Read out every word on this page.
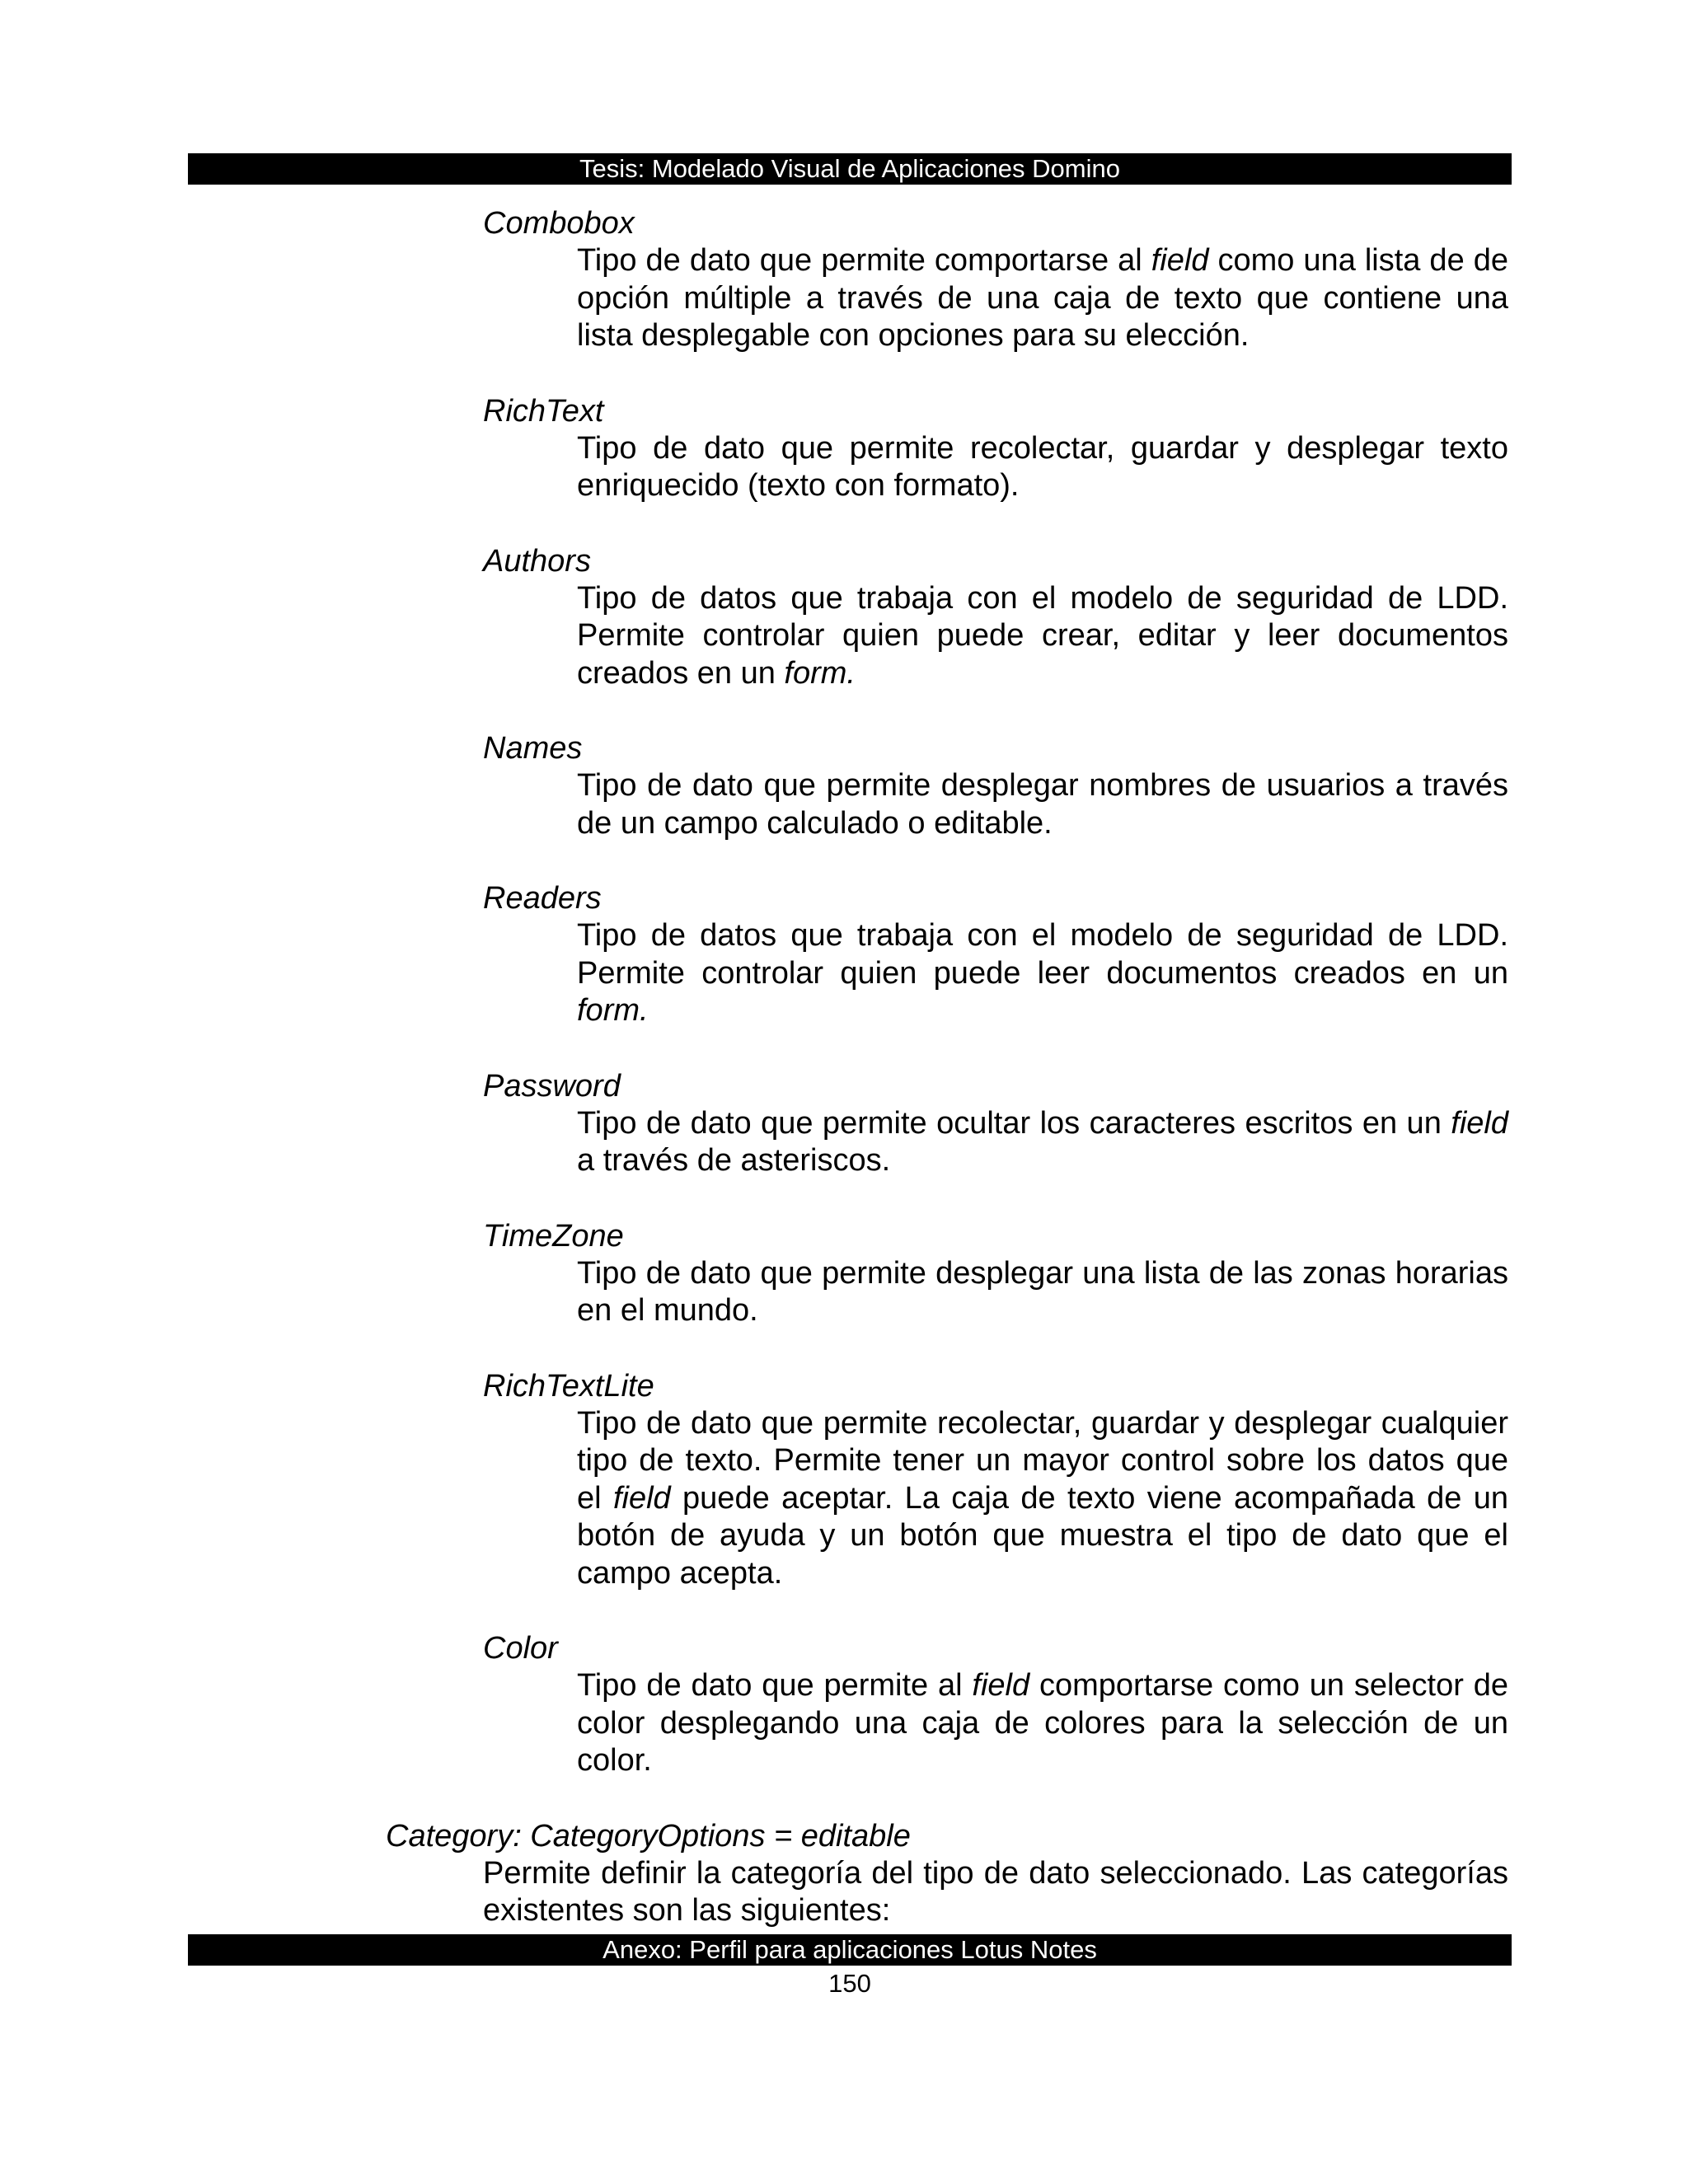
Tesis: Modelado Visual de Aplicaciones Domino

Combobox

Tipo de dato que permite comportarse al field como una lista de de opción múltiple a través de una caja de texto que contiene una lista desplegable con opciones para su elección.

RichText

Tipo de dato que permite recolectar, guardar y desplegar texto enriquecido (texto con formato).

Authors

Tipo de datos que trabaja con el modelo de seguridad de LDD. Permite controlar quien puede crear, editar y leer documentos creados en un form.

Names

Tipo de dato que permite desplegar nombres de usuarios a través de un campo calculado o editable.

Readers

Tipo de datos que trabaja con el modelo de seguridad de LDD. Permite controlar quien puede leer documentos creados en un form.

Password

Tipo de dato que permite ocultar los caracteres escritos en un field a través de asteriscos.

TimeZone

Tipo de dato que permite desplegar una lista de las zonas horarias en el mundo.

RichTextLite

Tipo de dato que permite recolectar, guardar y desplegar cualquier tipo de texto. Permite tener un mayor control sobre los datos que el field puede aceptar. La caja de texto viene acompañada de un botón de ayuda y un botón que muestra el tipo de dato que el campo acepta.

Color

Tipo de dato que permite al field comportarse como un selector de color desplegando una caja de colores para la selección de un color.

Category: CategoryOptions = editable

Permite definir la categoría del tipo de dato seleccionado. Las categorías existentes son las siguientes:

Anexo: Perfil para aplicaciones Lotus Notes
150
